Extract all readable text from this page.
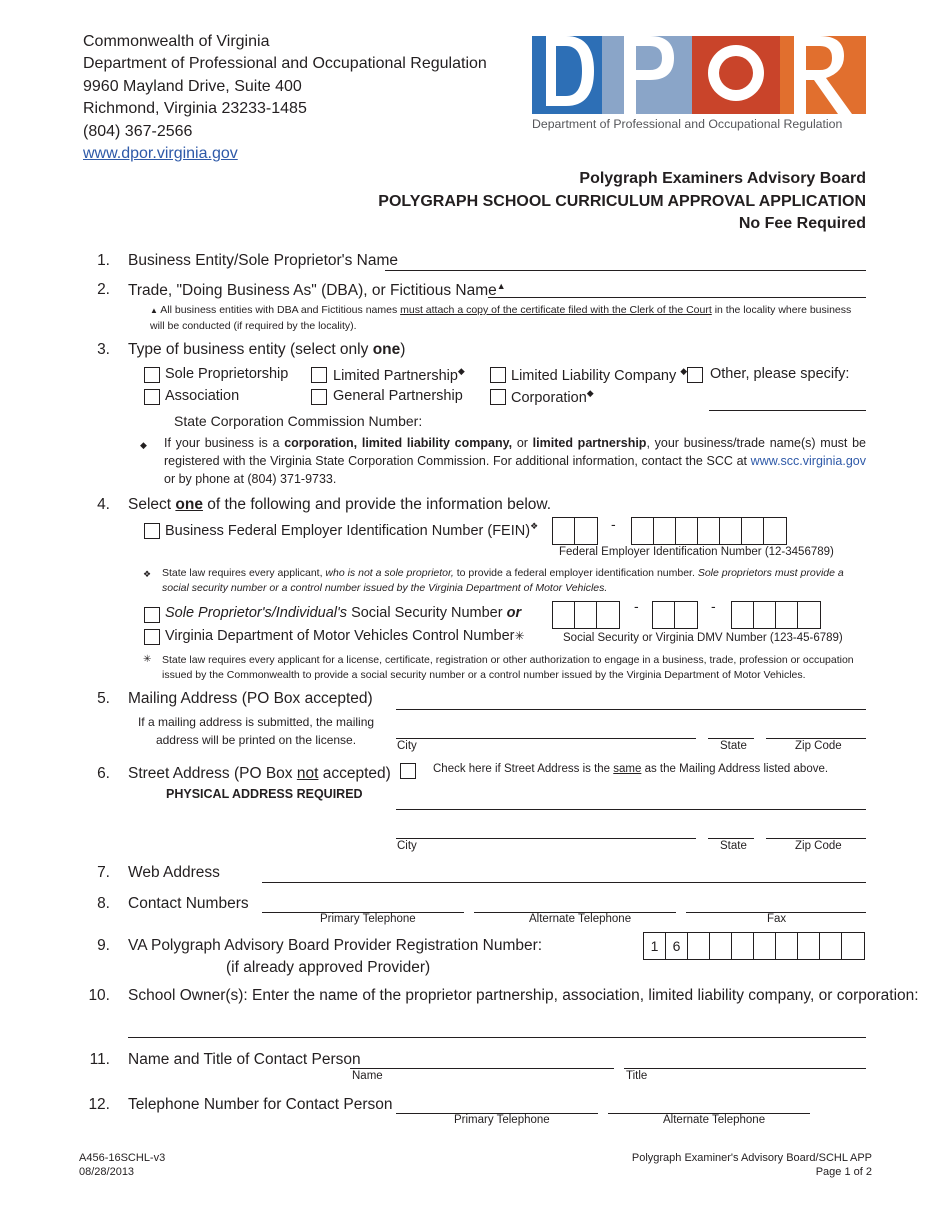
Commonwealth of Virginia
Department of Professional and Occupational Regulation
9960 Mayland Drive, Suite 400
Richmond, Virginia 23233-1485
(804) 367-2566
www.dpor.virginia.gov
Department of Professional and Occupational Regulation
Polygraph Examiners Advisory Board
POLYGRAPH SCHOOL CURRICULUM APPROVAL APPLICATION
No Fee Required
1. Business Entity/Sole Proprietor's Name
2. Trade, "Doing Business As" (DBA), or Fictitious Name▲
▲ All business entities with DBA and Fictitious names must attach a copy of the certificate filed with the Clerk of the Court in the locality where business will be conducted (if required by the locality).
3. Type of business entity (select only one)
Sole Proprietorship	Limited Partnership◆	Limited Liability Company ◆ Other, please specify:
Association	General Partnership	Corporation◆
State Corporation Commission Number:
◆ If your business is a corporation, limited liability company, or limited partnership, your business/trade name(s) must be registered with the Virginia State Corporation Commission. For additional information, contact the SCC at www.scc.virginia.gov or by phone at (804) 371-9733.
4. Select one of the following and provide the information below.
Business Federal Employer Identification Number (FEIN)❖	-
Federal Employer Identification Number (12-3456789)
❖ State law requires every applicant, who is not a sole proprietor, to provide a federal employer identification number. Sole proprietors must provide a social security number or a control number issued by the Virginia Department of Motor Vehicles.
Sole Proprietor's/Individual's Social Security Number or
Virginia Department of Motor Vehicles Control Number✳
-	-
Social Security or Virginia DMV Number (123-45-6789)
✳ State law requires every applicant for a license, certificate, registration or other authorization to engage in a business, trade, profession or occupation issued by the Commonwealth to provide a social security number or a control number issued by the Virginia Department of Motor Vehicles.
5. Mailing Address (PO Box accepted)
If a mailing address is submitted, the mailing address will be printed on the license.	City	State	Zip Code
6. Street Address (PO Box not accepted)
PHYSICAL ADDRESS REQUIRED
Check here if Street Address is the same as the Mailing Address listed above.
City	State	Zip Code
7. Web Address
8. Contact Numbers
Primary Telephone	Alternate Telephone	Fax
9. VA Polygraph Advisory Board Provider Registration Number:
(if already approved Provider)
1	6
10. School Owner(s): Enter the name of the proprietor partnership, association, limited liability company, or corporation:
11. Name and Title of Contact Person
Name	Title
12. Telephone Number for Contact Person
Primary Telephone	Alternate Telephone
A456-16SCHL-v3
08/28/2013
Polygraph Examiner's Advisory Board/SCHL APP
Page 1 of 2
